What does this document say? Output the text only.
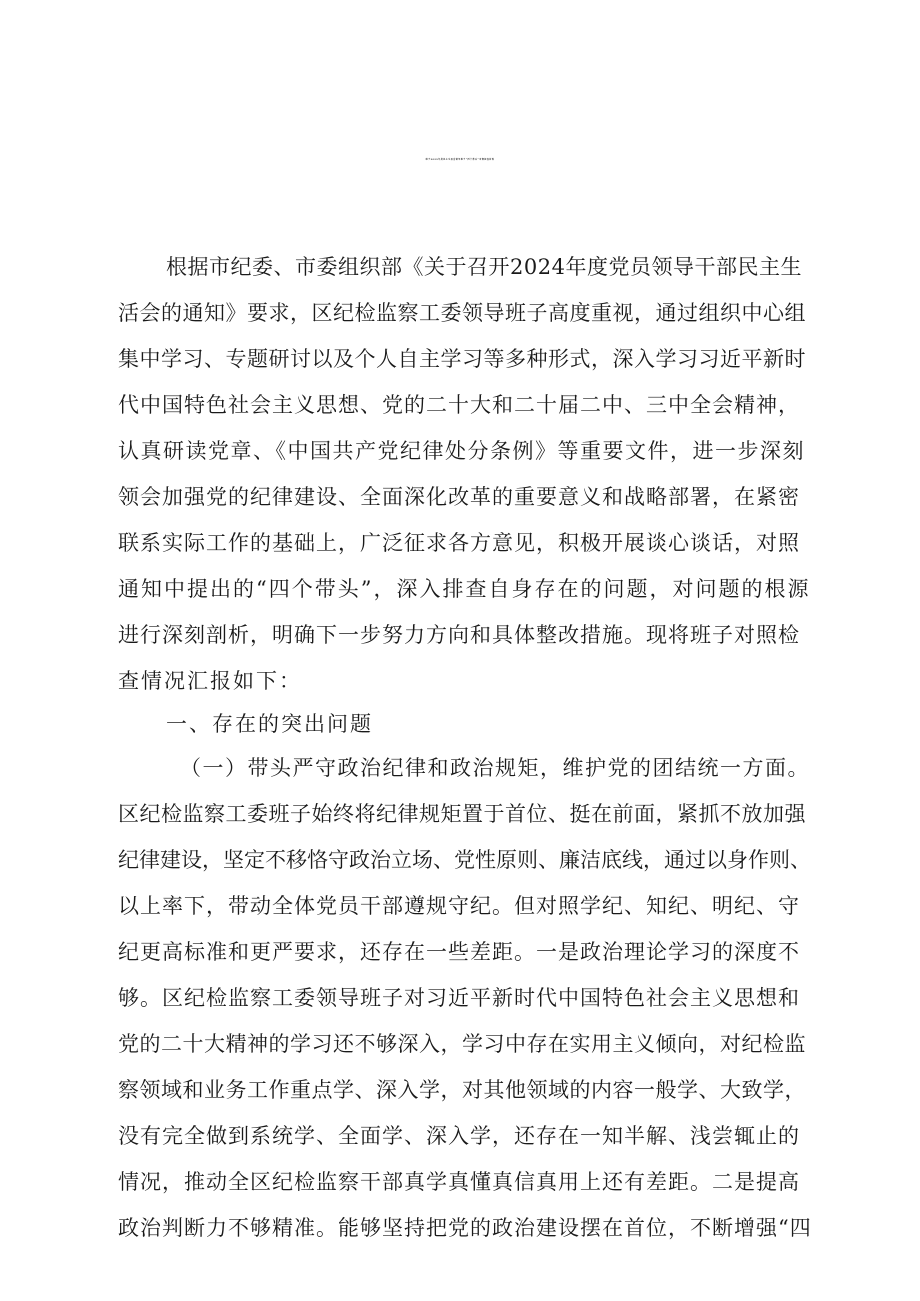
班子2025年度民主生活会领导班子“四个带头”对照检查材料
根据市纪委、市委组织部《关于召开2024年度党员领导干部民主生
活会的通知》要求，区纪检监察工委领导班子高度重视，通过组织中心组
集中学习、专题研讨以及个人自主学习等多种形式，深入学习习近平新时
代中国特色社会主义思想、党的二十大和二十届二中、三中全会精神，
认真研读党章、《中国共产党纪律处分条例》等重要文件，进一步深刻
领会加强党的纪律建设、全面深化改革的重要意义和战略部署，在紧密
联系实际工作的基础上，广泛征求各方意见，积极开展谈心谈话，对照
通知中提出的“四个带头”，深入排查自身存在的问题，对问题的根源
进行深刻剖析，明确下一步努力方向和具体整改措施。现将班子对照检
查情况汇报如下：
一、存在的突出问题
（一）带头严守政治纪律和政治规矩，维护党的团结统一方面。
区纪检监察工委班子始终将纪律规矩置于首位、挺在前面，紧抓不放加强
纪律建设，坚定不移恪守政治立场、党性原则、廉洁底线，通过以身作则、
以上率下，带动全体党员干部遵规守纪。但对照学纪、知纪、明纪、守
纪更高标准和更严要求，还存在一些差距。一是政治理论学习的深度不
够。区纪检监察工委领导班子对习近平新时代中国特色社会主义思想和
党的二十大精神的学习还不够深入，学习中存在实用主义倾向，对纪检监
察领域和业务工作重点学、深入学，对其他领域的内容一般学、大致学，
没有完全做到系统学、全面学、深入学，还存在一知半解、浅尝辄止的
情况，推动全区纪检监察干部真学真懂真信真用上还有差距。二是提高
政治判断力不够精准。能够坚持把党的政治建设摆在首位，不断增强“四
